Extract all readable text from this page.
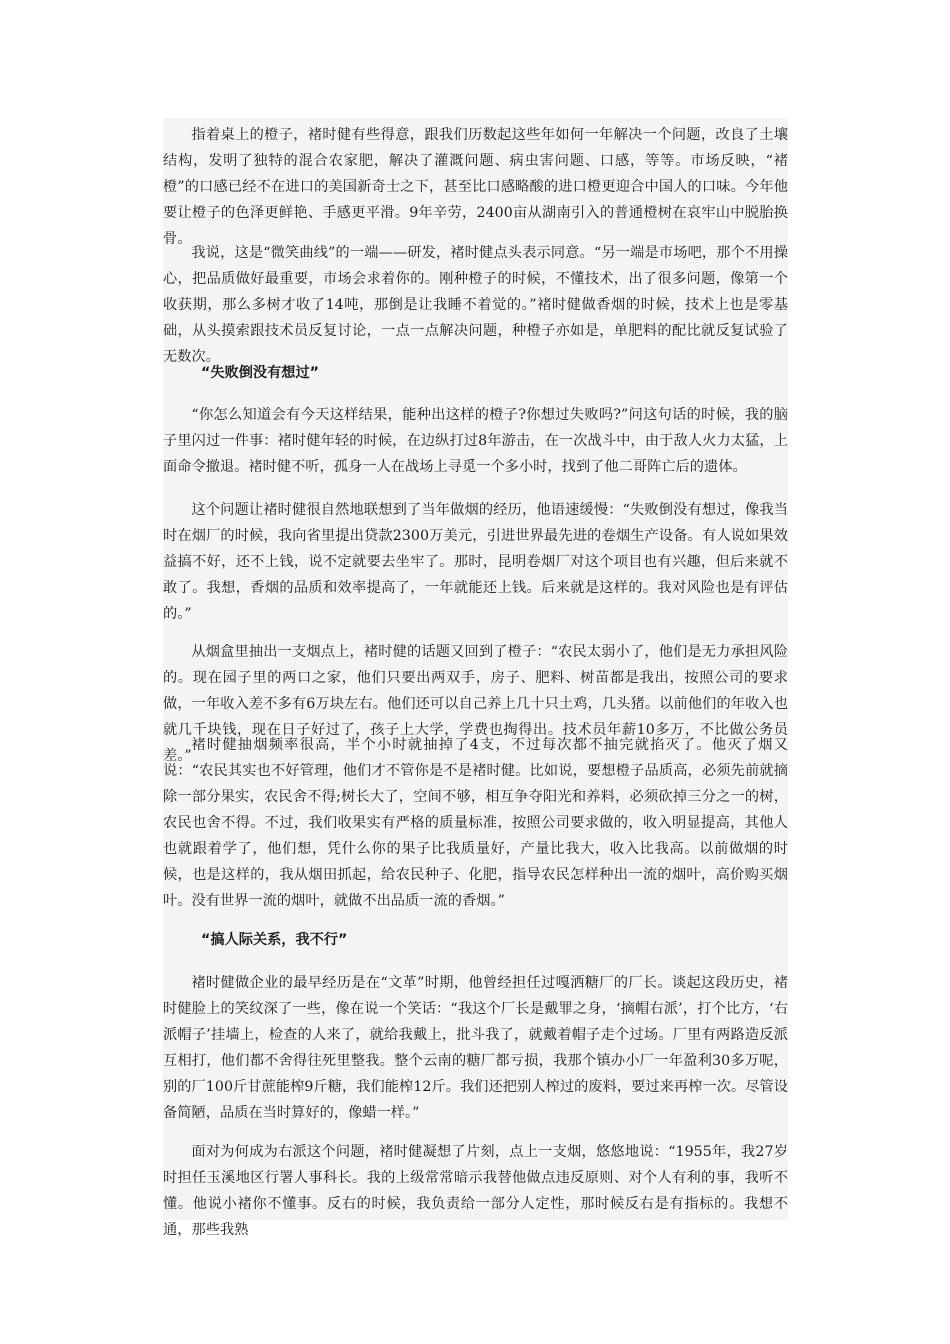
指着桌上的橙子，褚时健有些得意，跟我们历数起这些年如何一年解决一个问题，改良了土壤结构，发明了独特的混合农家肥，解决了灌溉问题、病虫害问题、口感，等等。市场反映，“褚橙”的口感已经不在进口的美国新奇士之下，甚至比口感略酸的进口橙更迎合中国人的口味。今年他要让橙子的色泽更鲜艳、手感更平滑。9年辛劳，2400亩从湖南引入的普通橙树在哀牢山中脱胎换骨。

我说，这是“微笑曲线”的一端——研发，褚时健点头表示同意。“另一端是市场吧，那个不用操心，把品质做好最重要，市场会求着你的。刚种橙子的时候，不懂技术，出了很多问题，像第一个收获期，那么多树才收了14吨，那倒是让我睡不着觉的。”褚时健做香烟的时候，技术上也是零基础，从头摸索跟技术员反复讨论，一点一点解决问题，种橙子亦如是，单肥料的配比就反复试验了无数次。

“失败倒没有想过”

“你怎么知道会有今天这样结果，能种出这样的橙子?你想过失败吗?”问这句话的时候，我的脑子里闪过一件事：褚时健年轻的时候，在边纵打过8年游击，在一次战斗中，由于敌人火力太猛，上面命令撤退。褚时健不听，孤身一人在战场上寻觅一个多小时，找到了他二哥阵亡后的遗体。

这个问题让褚时健很自然地联想到了当年做烟的经历，他语速缓慢：“失败倒没有想过，像我当时在烟厂的时候，我向省里提出贷款2300万美元，引进世界最先进的卷烟生产设备。有人说如果效益搞不好，还不上钱，说不定就要去坐牢了。那时，昆明卷烟厂对这个项目也有兴趣，但后来就不敢了。我想，香烟的品质和效率提高了，一年就能还上钱。后来就是这样的。我对风险也是有评估的。”

从烟盒里抽出一支烟点上，褚时健的话题又回到了橙子：“农民太弱小了，他们是无力承担风险的。现在园子里的两口之家，他们只要出两双手，房子、肥料、树苗都是我出，按照公司的要求做，一年收入差不多有6万块左右。他们还可以自己养上几十只土鸡，几头猪。以前他们的年收入也就几千块钱，现在日子好过了，孩子上大学，学费也掏得出。技术员年薪10多万，不比做公务员差。”

褚时健抽烟频率很高，半个小时就抽掉了4支，不过每次都不抽完就掐灭了。他灭了烟又说：“农民其实也不好管理，他们才不管你是不是褚时健。比如说，要想橙子品质高，必须先前就摘除一部分果实，农民舍不得;树长大了，空间不够，相互争夺阳光和养料，必须砍掉三分之一的树，农民也舍不得。不过，我们收果实有严格的质量标准，按照公司要求做的，收入明显提高，其他人也就跟着学了，他们想，凭什么你的果子比我质量好，产量比我大，收入比我高。以前做烟的时候，也是这样的，我从烟田抓起，给农民种子、化肥，指导农民怎样种出一流的烟叶，高价购买烟叶。没有世界一流的烟叶，就做不出品质一流的香烟。”

“搞人际关系，我不行”

褚时健做企业的最早经历是在“文革”时期，他曾经担任过嘎洒糖厂的厂长。谈起这段历史，褚时健脸上的笑纹深了一些，像在说一个笑话：“我这个厂长是戴罪之身，‘摘帽右派’，打个比方，‘右派帽子’挂墙上，检查的人来了，就给我戴上，批斗我了，就戴着帽子走个过场。厂里有两路造反派互相打，他们都不舍得往死里整我。整个云南的糖厂都亏损，我那个镇办小厂一年盈利30多万呢，别的厂100斤甘蔗能榨9斤糖，我们能榨12斤。我们还把别人榨过的废料，要过来再榨一次。尽管设备简陋，品质在当时算好的，像蜡一样。”

面对为何成为右派这个问题，褚时健凝想了片刻，点上一支烟，悠悠地说：“1955年，我27岁时担任玉溪地区行署人事科长。我的上级常常暗示我替他做点违反原则、对个人有利的事，我听不懂。他说小褚你不懂事。反右的时候，我负责给一部分人定性，那时候反右是有指标的。我想不通，那些我熟
